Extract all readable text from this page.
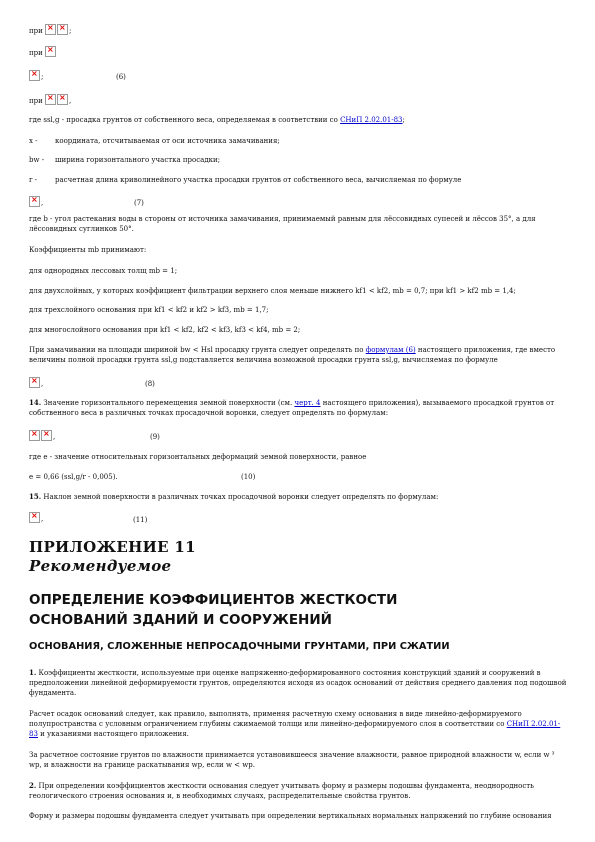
при × ×	;
при ×
×;	(6)
при × ×	,
где ssl,g - просадка грунтов от собственного веса, определяемая в соответствии со СНиП 2.02.01-83;
x - координата, отсчитываемая от оси источника замачивания;
bw - ширина горизонтального участка просадки;
r -	расчетная длина криволинейного участка просадки грунтов от собственного веса, вычисляемая по формуле
×,	(7)
где b - угол растекания воды в стороны от источника замачивания, принимаемый равным для лёссовидных супесей и лёссов 35°, а для лёссовидных суглинков 50°.
Коэффициенты mb принимают:
для однородных лессовых толщ mb = 1;
для двухслойных, у которых коэффициент фильтрации верхнего слоя меньше нижнего kf1 < kf2, mb = 0,7; при kf1 > kf2 mb = 1,4;
для трехслойного основания при kf1 < kf2 и kf2 > kf3, mb = 1,7;
для многослойного основания при kf1 < kf2, kf2 < kf3, kf3 < kf4, mb = 2;
При замачивании на площади шириной bw < Hsl просадку грунта следует определять по формулам (6) настоящего приложения, где вместо величины полной просадки грунта ssl,g подставляется величина возможной просадки грунта ssl,g, вычисляемая по формуле
×,	(8)
14. Значение горизонтального перемещения земной поверхности (см. черт. 4 настоящего приложения), вызываемого просадкой грунтов от собственного веса в различных точках просадочной воронки, следует определять по формулам:
××,	(9)
где e - значение относительных горизонтальных деформаций земной поверхности, равное
e = 0,66 (ssl,g/r - 0,005).	(10)
15. Наклон земной поверхности в различных точках просадочной воронки следует определять по формулам:
×,	(11)
ПРИЛОЖЕНИЕ 11
Рекомендуемое
ОПРЕДЕЛЕНИЕ КОЭФФИЦИЕНТОВ ЖЕСТКОСТИ
ОСНОВАНИЙ ЗДАНИЙ И СООРУЖЕНИЙ
ОСНОВАНИЯ, СЛОЖЕННЫЕ НЕПРОСАДОЧНЫМИ ГРУНТАМИ, ПРИ СЖАТИИ
1. Коэффициенты жесткости, используемые при оценке напряженно-деформированного состояния конструкций зданий и сооружений в предположении линейной деформируемости грунтов, определяются исходя из осадок оснований от действия среднего давления под подошвой фундамента.
Расчет осадок оснований следует, как правило, выполнять, применяя расчетную схему основания в виде линейно-деформируемого полупространства с условным ограничением глубины сжимаемой толщи или линейно-деформируемого слоя в соответствии со СНиП 2.02.01-83 и указаниями настоящего приложения.
За расчетное состояние грунтов по влажности принимается установившееся значение влажности, равное природной влажности w, если w ³ wp, и влажности на границе раскатывания wp, если w < wp.
2. При определении коэффициентов жесткости основания следует учитывать форму и размеры подошвы фундамента, неоднородность геологического строения основания и, в необходимых случаях, распределительные свойства грунтов.
Форму и размеры подошвы фундамента следует учитывать при определении вертикальных нормальных напряжений по глубине основания
